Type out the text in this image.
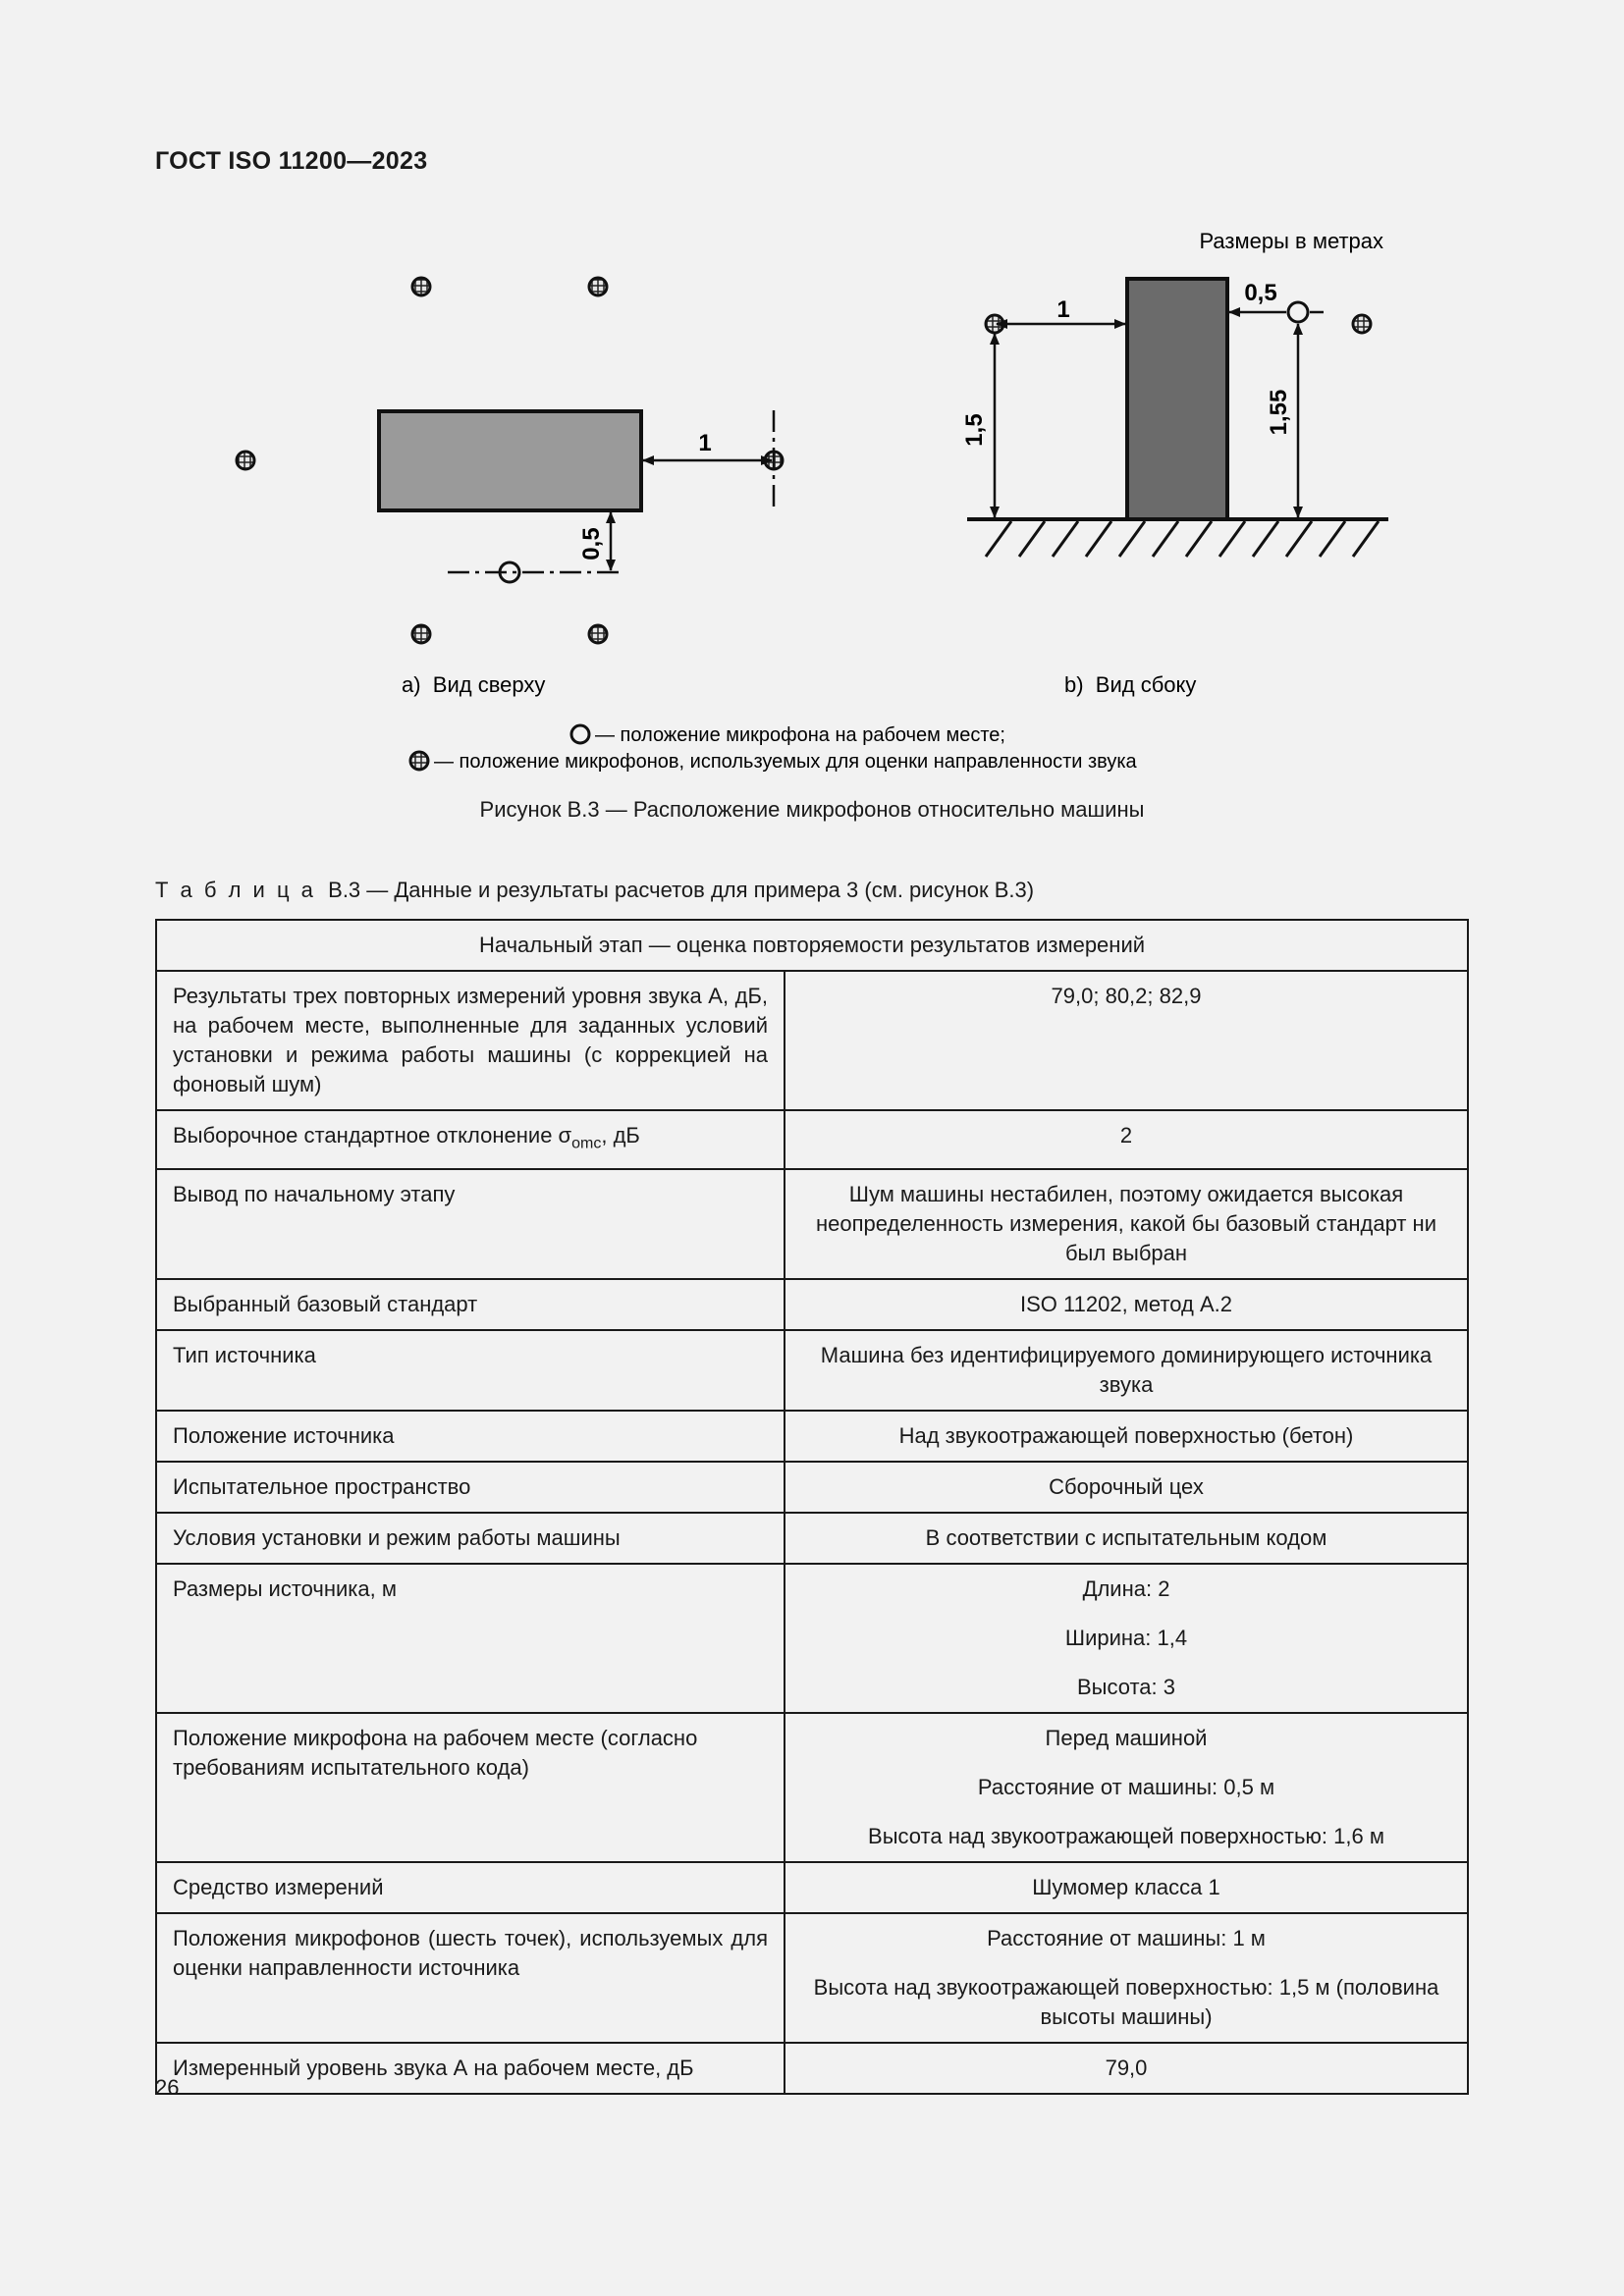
ГОСТ ISO 11200—2023
1
0,5
Размеры в метрах
1
1,5
0,5
1,55
a)  Вид сверху	b)  Вид сбоку
— положение микрофона на рабочем месте;
— положение микрофонов, используемых для оценки направленности звука
Рисунок B.3 — Расположение микрофонов относительно машины
Т а б л и ц а  B.3 — Данные и результаты расчетов для примера 3 (см. рисунок B.3)
Начальный этап — оценка повторяемости результатов измерений	
Результаты трех повторных измерений уровня звука А, дБ, на рабочем месте, выполненные для заданных условий установки и режима работы машины (с коррекцией на фоновый шум)	79,0; 80,2; 82,9
Выборочное стандартное отклонение $\sigma_{omc}$, дБ	2
Вывод по начальному этапу	Шум машины нестабилен, поэтому ожидается высокая неопределенность измерения, какой бы базовый стандарт ни был выбран
Выбранный базовый стандарт	ISO 11202, метод А.2
Тип источника	Машина без идентифицируемого доминирующего источника звука
Положение источника	Над звукоотражающей поверхностью (бетон)
Испытательное пространство	Сборочный цех
Условия установки и режим работы машины	В соответствии с испытательным кодом
Размеры источника, м	Длина: 2
Ширина: 1,4
Высота: 3

Положение микрофона на рабочем месте (согласно требованиям испытательного кода)	Перед машиной
Расстояние от машины: 0,5 м
Высота над звукоотражающей поверхностью: 1,6 м

Средство измерений	Шумомер класса 1
Положения микрофонов (шесть точек), используемых для оценки направленности источника	Расстояние от машины: 1 м
Высота над звукоотражающей поверхностью: 1,5 м (половина высоты машины)

Измеренный уровень звука А на рабочем месте, дБ	79,0
26
